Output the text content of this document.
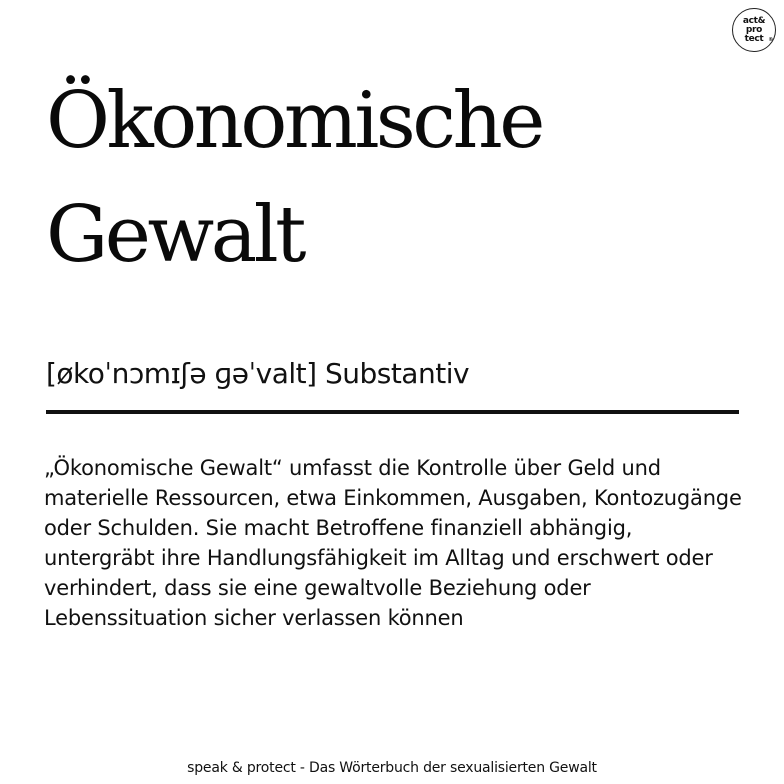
act&
pro
tect ®
Ökonomische
Gewalt
[økoˈnɔmɪʃə ɡəˈvalt] Substantiv

„Ökonomische Gewalt“ umfasst die Kontrolle über Geld und materielle Ressourcen, etwa Einkommen, Ausgaben, Kontozugänge oder Schulden. Sie macht Betroffene finanziell abhängig, untergräbt ihre Handlungsfähigkeit im Alltag und erschwert oder verhindert, dass sie eine gewaltvolle Beziehung oder Lebenssituation sicher verlassen können

speak & protect - Das Wörterbuch der sexualisierten Gewalt
